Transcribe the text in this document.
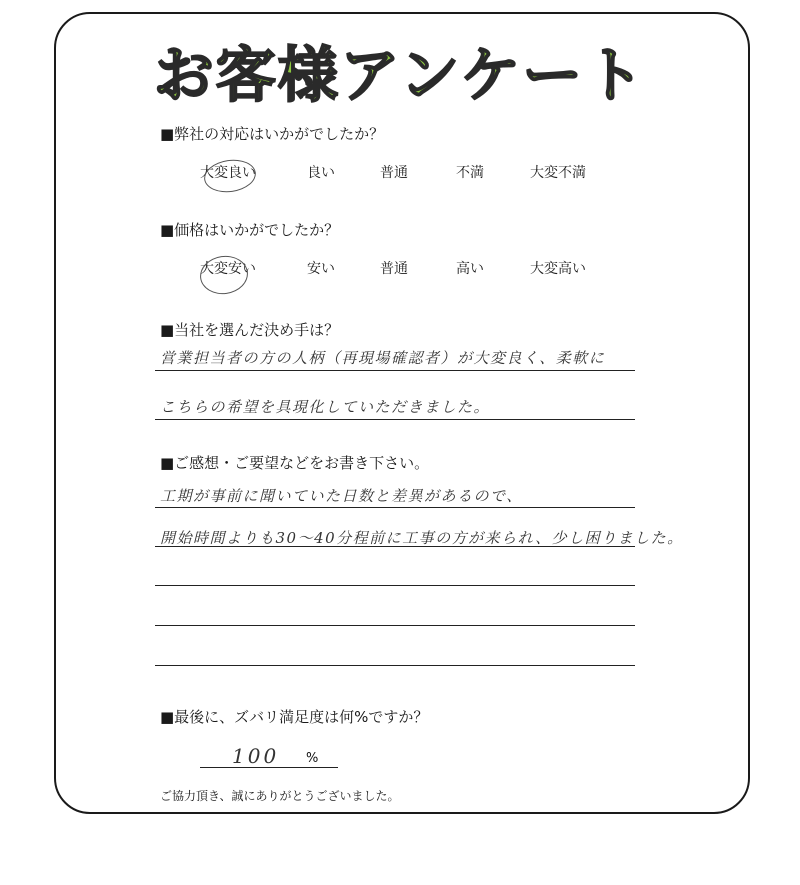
お客様アンケート
■弊社の対応はいかがでしたか？
大変良い	良い	普通	不満	大変不満
■価格はいかがでしたか？
大変安い	安い	普通	高い	大変高い
■当社を選んだ決め手は？
営業担当者の方の人柄（再現場確認者）が大変良く、柔軟に
こちらの希望を具現化していただきました。
■ご感想・ご要望などをお書き下さい。
工期が事前に聞いていた日数と差異があるので、
開始時間よりも30〜40分程前に工事の方が来られ、少し困りました。
■最後に、ズバリ満足度は何%ですか？
100 %
ご協力頂き、誠にありがとうございました。
